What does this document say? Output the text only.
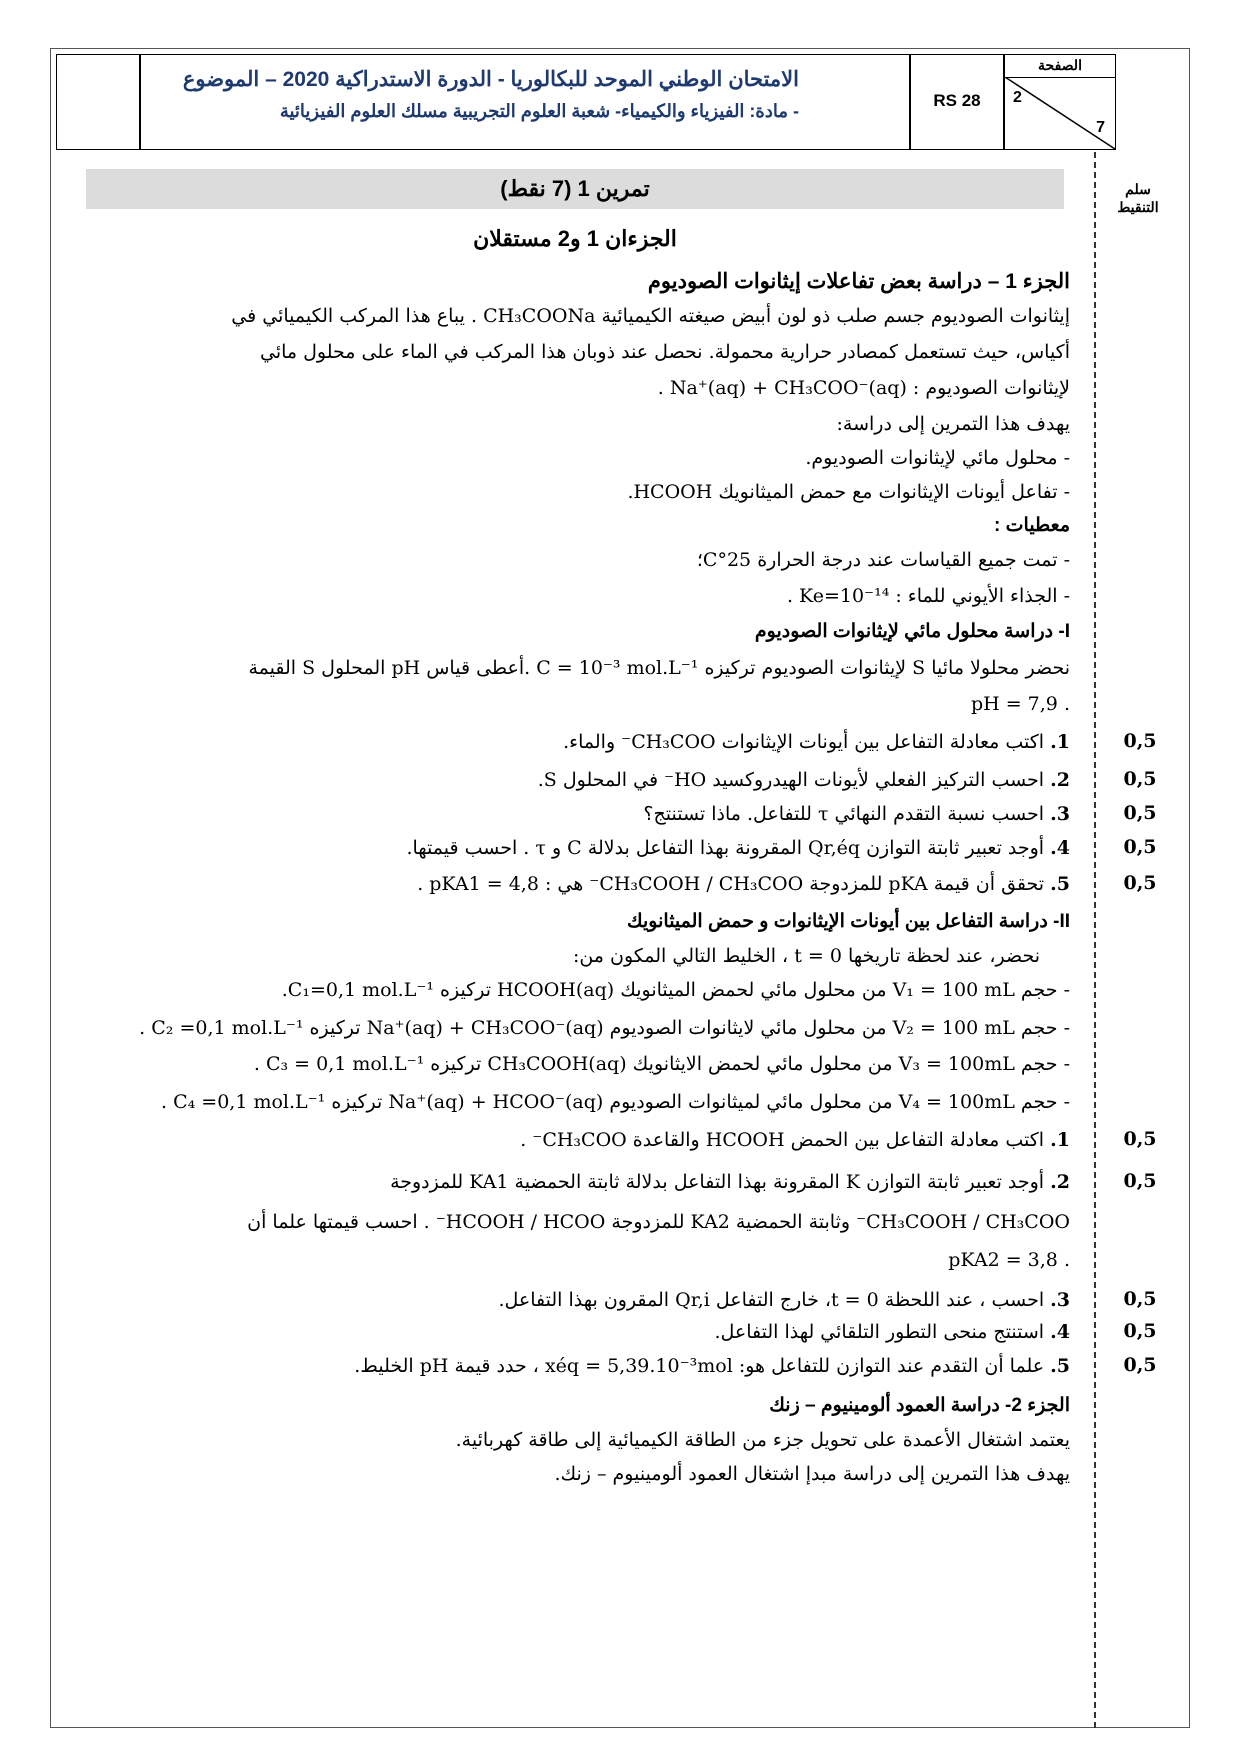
الامتحان الوطني الموحد للبكالوريا - الدورة الاستدراكية 2020 – الموضوع
- مادة: الفيزياء والكيمياء- شعبة العلوم التجريبية مسلك العلوم الفيزيائية
RS 28
الصفحة
2
7
سلم التنقيط
تمرين 1 (7 نقط)
الجزءان 1 و2 مستقلان
الجزء 1 – دراسة بعض تفاعلات إيثانوات الصوديوم
إيثانوات الصوديوم جسم صلب ذو لون أبيض صيغته الكيميائية CH₃COONa . يباع هذا المركب الكيميائي في
أكياس، حيث تستعمل كمصادر حرارية محمولة. نحصل عند ذوبان هذا المركب في الماء على محلول مائي
لإيثانوات الصوديوم : Na⁺(aq) + CH₃COO⁻(aq) .
يهدف هذا التمرين إلى دراسة:
- محلول مائي لإيثانوات الصوديوم.
- تفاعل أيونات الإيثانوات مع حمض الميثانويك HCOOH.
معطيات :
- تمت جميع القياسات عند درجة الحرارة 25°C؛
- الجذاء الأيوني للماء : Ke=10⁻¹⁴ .
I- دراسة محلول مائي لإيثانوات الصوديوم
نحضر محلولا مائيا S لإيثانوات الصوديوم تركيزه C = 10⁻³ mol.L⁻¹ .أعطى قياس pH المحلول S القيمة
. pH = 7,9
1. اكتب معادلة التفاعل بين أيونات الإيثانوات CH₃COO⁻ والماء.	0,5
2. احسب التركيز الفعلي لأيونات الهيدروكسيد HO⁻ في المحلول S.	0,5
3. احسب نسبة التقدم النهائي τ للتفاعل. ماذا تستنتج؟	0,5
4. أوجد تعبير ثابتة التوازن Qr,éq المقرونة بهذا التفاعل بدلالة C و τ . احسب قيمتها.	0,5
5. تحقق أن قيمة pKA للمزدوجة CH₃COOH / CH₃COO⁻ هي : pKA1 = 4,8 .	0,5
II- دراسة التفاعل بين أيونات الإيثانوات و حمض الميثانويك
نحضر، عند لحظة تاريخها t = 0 ، الخليط التالي المكون من:
- حجم V₁ = 100 mL من محلول مائي لحمض الميثانويك HCOOH(aq) تركيزه C₁=0,1 mol.L⁻¹.
- حجم V₂ = 100 mL من محلول مائي لايثانوات الصوديوم Na⁺(aq) + CH₃COO⁻(aq) تركيزه C₂ =0,1 mol.L⁻¹ .
- حجم V₃ = 100mL من محلول مائي لحمض الايثانويك CH₃COOH(aq) تركيزه C₃ = 0,1 mol.L⁻¹ .
- حجم V₄ = 100mL من محلول مائي لميثانوات الصوديوم Na⁺(aq) + HCOO⁻(aq) تركيزه C₄ =0,1 mol.L⁻¹ .
1. اكتب معادلة التفاعل بين الحمض HCOOH والقاعدة CH₃COO⁻ .	0,5
2. أوجد تعبير ثابتة التوازن K المقرونة بهذا التفاعل بدلالة ثابتة الحمضية KA1 للمزدوجة	0,5
CH₃COOH / CH₃COO⁻ وثابتة الحمضية KA2 للمزدوجة HCOOH / HCOO⁻ . احسب قيمتها علما أن
. pKA2 = 3,8
3. احسب ، عند اللحظة t = 0، خارج التفاعل Qr,i المقرون بهذا التفاعل.	0,5
4. استنتج منحى التطور التلقائي لهذا التفاعل.	0,5
5. علما أن التقدم عند التوازن للتفاعل هو: xéq = 5,39.10⁻³mol ، حدد قيمة pH الخليط.	0,5
الجزء 2- دراسة العمود ألومينيوم – زنك
يعتمد اشتغال الأعمدة على تحويل جزء من الطاقة الكيميائية إلى طاقة كهربائية.
يهدف هذا التمرين إلى دراسة مبدإ اشتغال العمود ألومينيوم – زنك.
